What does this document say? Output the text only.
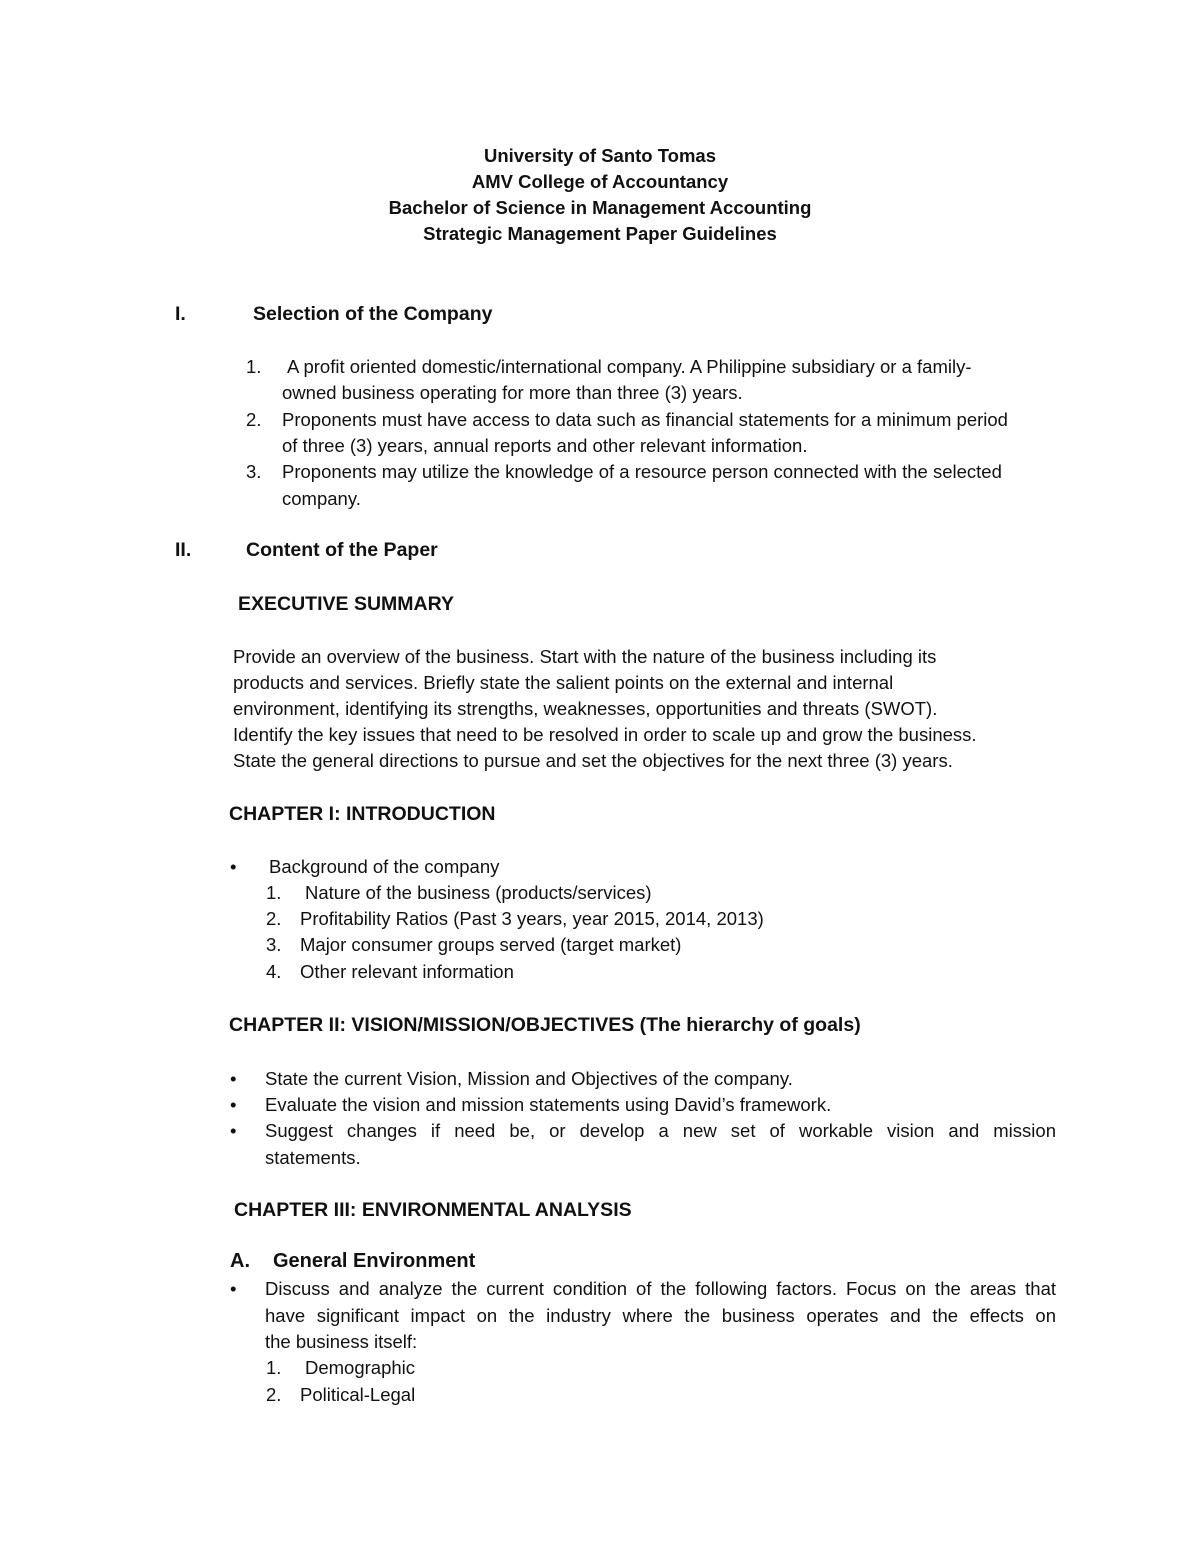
University of Santo Tomas
AMV College of Accountancy
Bachelor of Science in Management Accounting
Strategic Management Paper Guidelines
I.	Selection of the Company
1. A profit oriented domestic/international company. A Philippine subsidiary or a family-
owned business operating for more than three (3) years.
2. Proponents must have access to data such as financial statements for a minimum period
of three (3) years, annual reports and other relevant information.
3. Proponents may utilize the knowledge of a resource person connected with the selected
company.
II.	Content of the Paper
EXECUTIVE SUMMARY
Provide an overview of the business. Start with the nature of the business including its
products and services. Briefly state the salient points on the external and internal
environment, identifying its strengths, weaknesses, opportunities and threats (SWOT).
Identify the key issues that need to be resolved in order to scale up and grow the business.
State the general directions to pursue and set the objectives for the next three (3) years.
CHAPTER I: INTRODUCTION
• Background of the company
1. Nature of the business (products/services)
2. Profitability Ratios (Past 3 years, year 2015, 2014, 2013)
3. Major consumer groups served (target market)
4. Other relevant information
CHAPTER II: VISION/MISSION/OBJECTIVES (The hierarchy of goals)
• State the current Vision, Mission and Objectives of the company.
• Evaluate the vision and mission statements using David’s framework.
• Suggest changes if need be, or develop a new set of workable vision and mission
statements.
CHAPTER III: ENVIRONMENTAL ANALYSIS
A. General Environment
• Discuss and analyze the current condition of the following factors. Focus on the areas that
have significant impact on the industry where the business operates and the effects on
the business itself:
1. Demographic
2. Political-Legal
